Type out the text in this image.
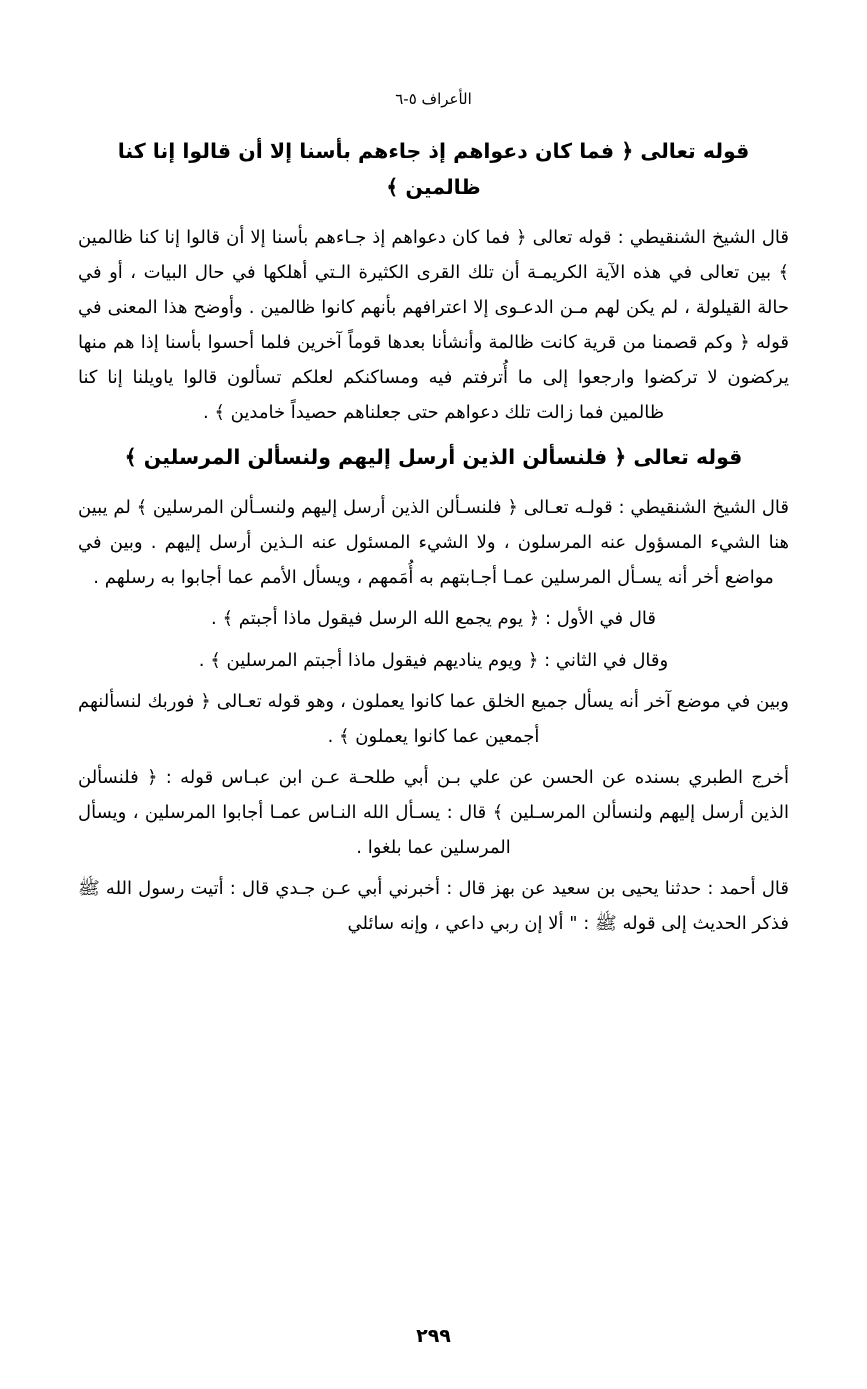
الأعراف ٥-٦
قوله تعالى ﴿ فما كان دعواهم إذ جاءهم بأسنا إلا أن قالوا إنا كنا ظالمين ﴾

قال الشيخ الشنقيطي : قوله تعالى ﴿ فما كان دعواهم إذ جـاءهم بأسنا إلا أن قالوا إنا كنا ظالمين ﴾ بين تعالى في هذه الآية الكريمـة أن تلك القرى الكثيرة الـتي أهلكها في حال البيات ، أو في حالة القيلولة ، لم يكن لهم مـن الدعـوى إلا اعترافهم بأنهم كانوا ظالمين . وأوضح هذا المعنى في قوله ﴿ وكم قصمنا من قرية كانت ظالمة وأنشأنا بعدها قوماً آخرين فلما أحسوا بأسنا إذا هم منها يركضون لا تركضوا وارجعوا إلى ما أُترفتم فيه ومساكنكم لعلكم تسألون قالوا ياويلنا إنا كنا ظالمين فما زالت تلك دعواهم حتى جعلناهم حصيداً خامدين ﴾ .

قوله تعالى ﴿ فلنسألن الذين أرسل إليهم ولنسألن المرسلين ﴾

قال الشيخ الشنقيطي : قولـه تعـالى ﴿ فلنسـألن الذين أرسل إليهم ولنسـألن المرسلين ﴾ لم يبين هنا الشيء المسؤول عنه المرسلون ، ولا الشيء المسئول عنه الـذين أرسل إليهم . وبين في مواضع أخر أنه يسـأل المرسلين عمـا أجـابتهم به أُمَمهم ، ويسأل الأمم عما أجابوا به رسلهم .

قال في الأول : ﴿ يوم يجمع الله الرسل فيقول ماذا أجبتم ﴾ .

وقال في الثاني : ﴿ ويوم يناديهم فيقول ماذا أجبتم المرسلين ﴾ .

وبين في موضع آخر أنه يسأل جميع الخلق عما كانوا يعملون ، وهو قوله تعـالى ﴿ فوربك لنسألنهم أجمعين عما كانوا يعملون ﴾ .

أخرج الطبري بسنده عن الحسن عن علي بـن أبي طلحـة عـن ابن عبـاس قوله : ﴿ فلنسألن الذين أرسل إليهم ولنسألن المرسـلين ﴾ قال : يسـأل الله النـاس عمـا أجابوا المرسلين ، ويسأل المرسلين عما بلغوا .

قال أحمد : حدثنا يحيى بن سعيد عن بهز قال : أخبرني أبي عـن جـدي قال : أتيت رسول الله ﷺ فذكر الحديث إلى قوله ﷺ : " ألا إن ربي داعي ، وإنه سائلي

٢٩٩
